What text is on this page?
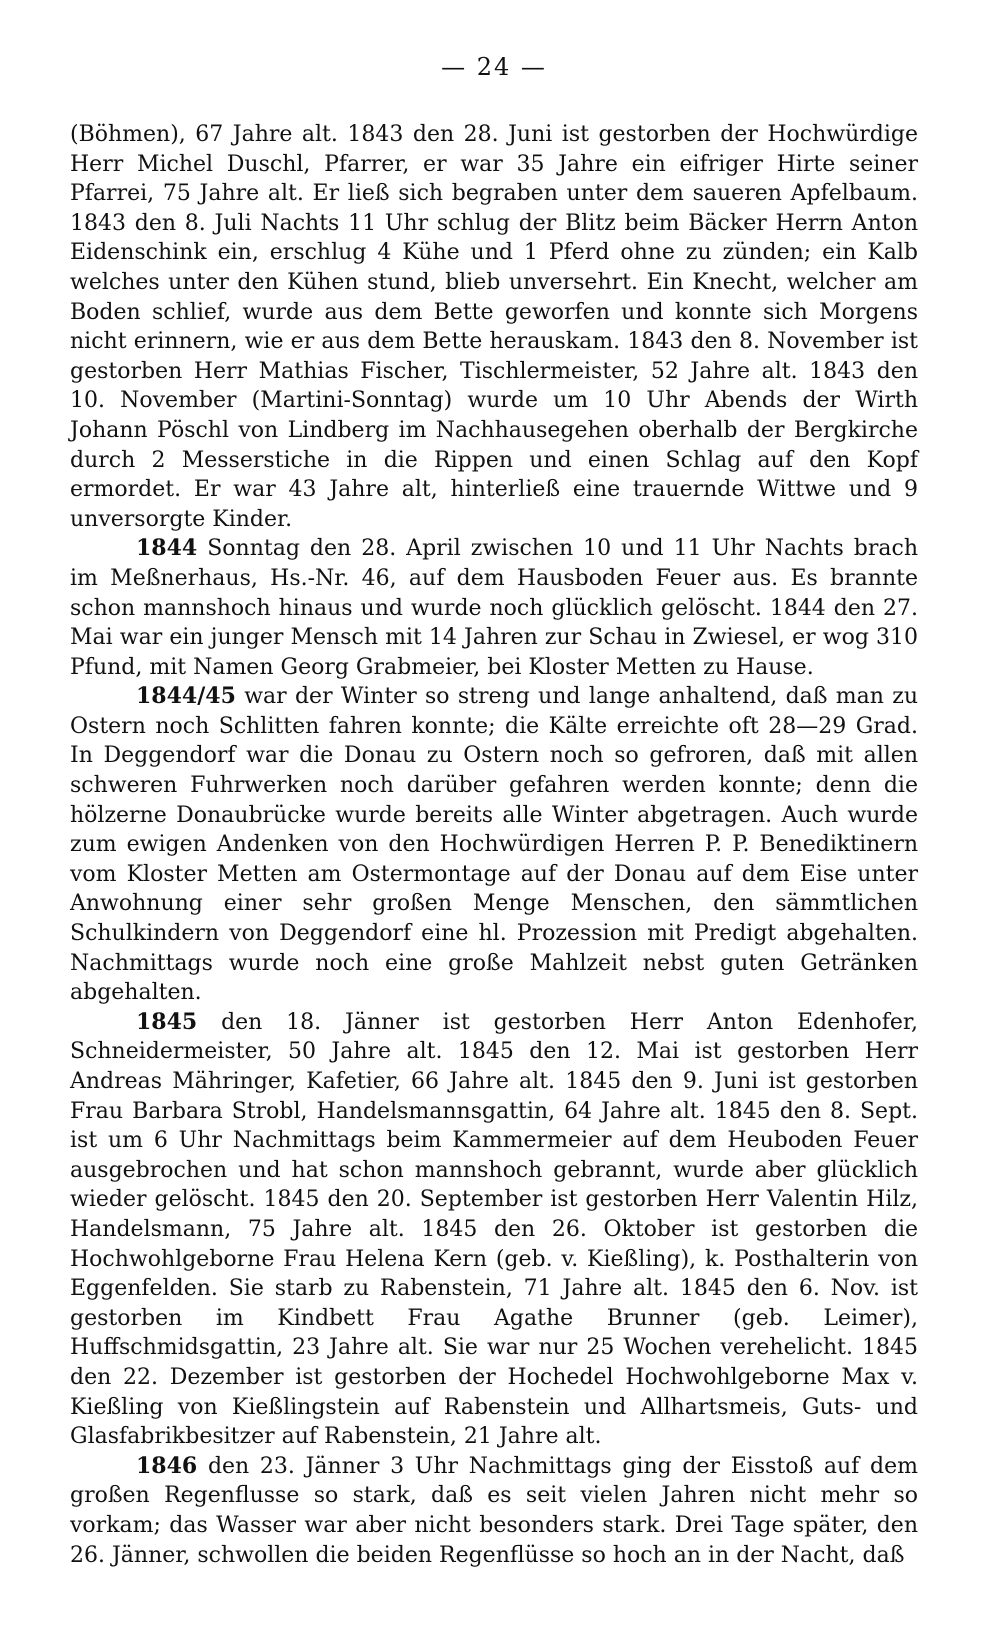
— 24 —

(Böhmen), 67 Jahre alt. 1843 den 28. Juni ist gestorben der Hochwürdige Herr Michel Duschl, Pfarrer, er war 35 Jahre ein eifriger Hirte seiner Pfarrei, 75 Jahre alt. Er ließ sich begraben unter dem saueren Apfelbaum. 1843 den 8. Juli Nachts 11 Uhr schlug der Blitz beim Bäcker Herrn Anton Eidenschink ein, erschlug 4 Kühe und 1 Pferd ohne zu zünden; ein Kalb welches unter den Kühen stund, blieb unversehrt. Ein Knecht, welcher am Boden schlief, wurde aus dem Bette geworfen und konnte sich Morgens nicht erinnern, wie er aus dem Bette herauskam. 1843 den 8. November ist gestorben Herr Mathias Fischer, Tischlermeister, 52 Jahre alt. 1843 den 10. November (Martini-Sonntag) wurde um 10 Uhr Abends der Wirth Johann Pöschl von Lindberg im Nachhausegehen oberhalb der Bergkirche durch 2 Messerstiche in die Rippen und einen Schlag auf den Kopf ermordet. Er war 43 Jahre alt, hinterließ eine trauernde Wittwe und 9 unversorgte Kinder.

1844 Sonntag den 28. April zwischen 10 und 11 Uhr Nachts brach im Meßnerhaus, Hs.-Nr. 46, auf dem Hausboden Feuer aus. Es brannte schon mannshoch hinaus und wurde noch glücklich gelöscht. 1844 den 27. Mai war ein junger Mensch mit 14 Jahren zur Schau in Zwiesel, er wog 310 Pfund, mit Namen Georg Grabmeier, bei Kloster Metten zu Hause.

1844/45 war der Winter so streng und lange anhaltend, daß man zu Ostern noch Schlitten fahren konnte; die Kälte erreichte oft 28—29 Grad. In Deggendorf war die Donau zu Ostern noch so gefroren, daß mit allen schweren Fuhrwerken noch darüber gefahren werden konnte; denn die hölzerne Donaubrücke wurde bereits alle Winter abgetragen. Auch wurde zum ewigen Andenken von den Hochwürdigen Herren P. P. Benediktinern vom Kloster Metten am Ostermontage auf der Donau auf dem Eise unter Anwohnung einer sehr großen Menge Menschen, den sämmtlichen Schulkindern von Deggendorf eine hl. Prozession mit Predigt abgehalten. Nachmittags wurde noch eine große Mahlzeit nebst guten Getränken abgehalten.

1845 den 18. Jänner ist gestorben Herr Anton Edenhofer, Schneidermeister, 50 Jahre alt. 1845 den 12. Mai ist gestorben Herr Andreas Mähringer, Kafetier, 66 Jahre alt. 1845 den 9. Juni ist gestorben Frau Barbara Strobl, Handelsmannsgattin, 64 Jahre alt. 1845 den 8. Sept. ist um 6 Uhr Nachmittags beim Kammermeier auf dem Heuboden Feuer ausgebrochen und hat schon mannshoch gebrannt, wurde aber glücklich wieder gelöscht. 1845 den 20. September ist gestorben Herr Valentin Hilz, Handelsmann, 75 Jahre alt. 1845 den 26. Oktober ist gestorben die Hochwohlgeborne Frau Helena Kern (geb. v. Kießling), k. Posthalterin von Eggenfelden. Sie starb zu Rabenstein, 71 Jahre alt. 1845 den 6. Nov. ist gestorben im Kindbett Frau Agathe Brunner (geb. Leimer), Huffschmidsgattin, 23 Jahre alt. Sie war nur 25 Wochen verehelicht. 1845 den 22. Dezember ist gestorben der Hochedel Hochwohlgeborne Max v. Kießling von Kießlingstein auf Rabenstein und Allhartsmeis, Guts- und Glasfabrikbesitzer auf Rabenstein, 21 Jahre alt.

1846 den 23. Jänner 3 Uhr Nachmittags ging der Eisstoß auf dem großen Regenflusse so stark, daß es seit vielen Jahren nicht mehr so vorkam; das Wasser war aber nicht besonders stark. Drei Tage später, den 26. Jänner, schwollen die beiden Regenflüsse so hoch an in der Nacht, daß
